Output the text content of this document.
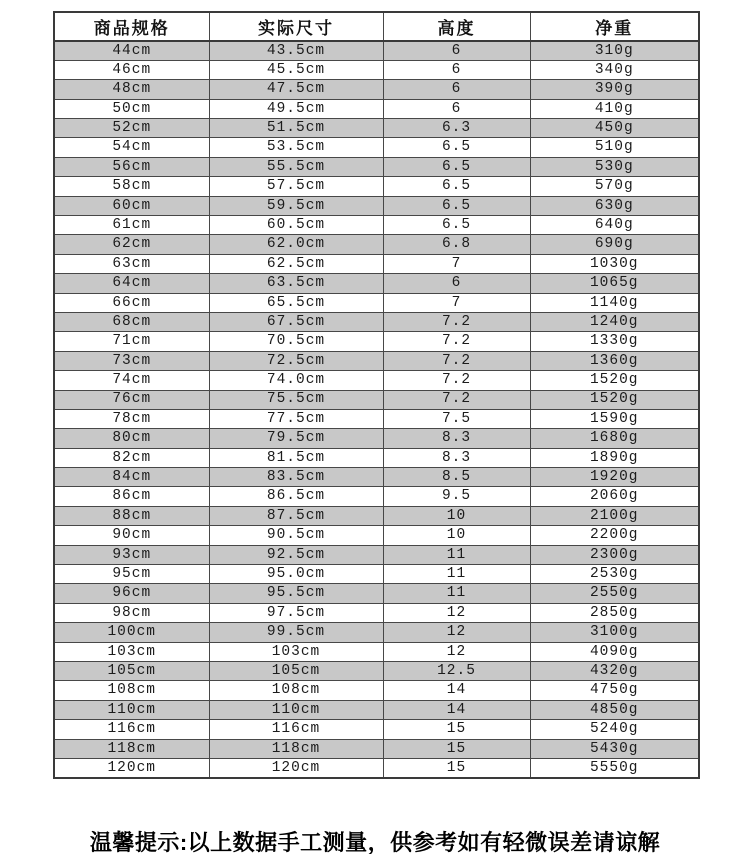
商品规格	实际尺寸	高度	净重
44cm	43.5cm	6	310g
46cm	45.5cm	6	340g
48cm	47.5cm	6	390g
50cm	49.5cm	6	410g
52cm	51.5cm	6.3	450g
54cm	53.5cm	6.5	510g
56cm	55.5cm	6.5	530g
58cm	57.5cm	6.5	570g
60cm	59.5cm	6.5	630g
61cm	60.5cm	6.5	640g
62cm	62.0cm	6.8	690g
63cm	62.5cm	7	1030g
64cm	63.5cm	6	1065g
66cm	65.5cm	7	1140g
68cm	67.5cm	7.2	1240g
71cm	70.5cm	7.2	1330g
73cm	72.5cm	7.2	1360g
74cm	74.0cm	7.2	1520g
76cm	75.5cm	7.2	1520g
78cm	77.5cm	7.5	1590g
80cm	79.5cm	8.3	1680g
82cm	81.5cm	8.3	1890g
84cm	83.5cm	8.5	1920g
86cm	86.5cm	9.5	2060g
88cm	87.5cm	10	2100g
90cm	90.5cm	10	2200g
93cm	92.5cm	11	2300g
95cm	95.0cm	11	2530g
96cm	95.5cm	11	2550g
98cm	97.5cm	12	2850g
100cm	99.5cm	12	3100g
103cm	103cm	12	4090g
105cm	105cm	12.5	4320g
108cm	108cm	14	4750g
110cm	110cm	14	4850g
116cm	116cm	15	5240g
118cm	118cm	15	5430g
120cm	120cm	15	5550g
温馨提示:以上数据手工测量，供参考如有轻微误差请谅解
